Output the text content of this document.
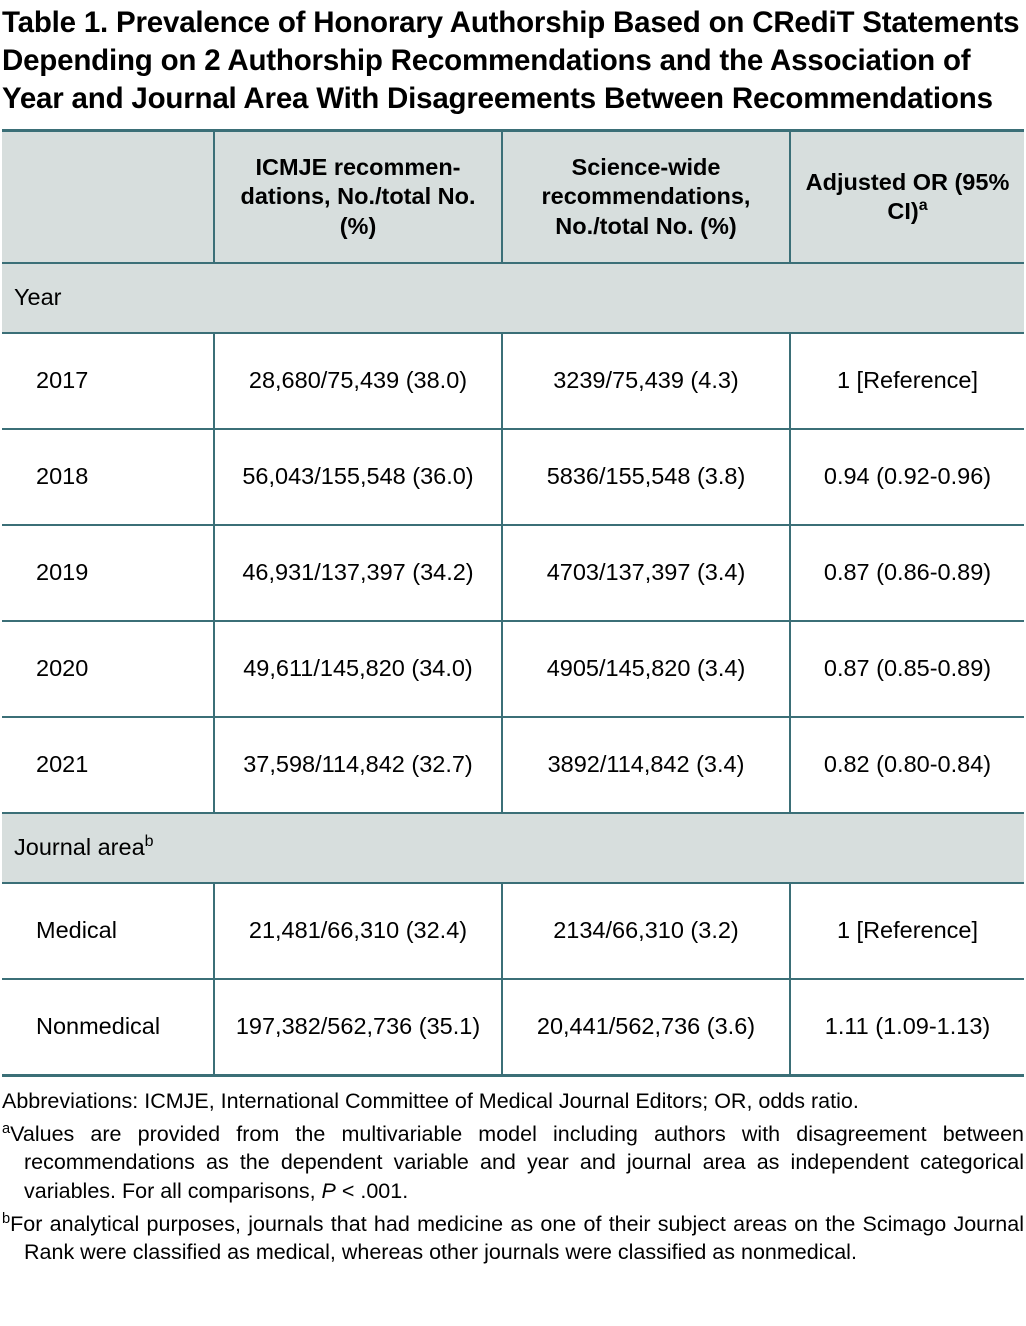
Table 1. Prevalence of Honorary Authorship Based on CRediT Statements Depending on 2 Authorship Recommendations and the Association of Year and Journal Area With Disagreements Between Recommendations
	ICMJE recommen-dations, No./total No. (%)	Science-wide recommendations, No./total No. (%)	Adjusted OR (95% CI)$^a$
Year			
2017	28,680/75,439 (38.0)	3239/75,439 (4.3)	1 [Reference]
2018	56,043/155,548 (36.0)	5836/155,548 (3.8)	0.94 (0.92-0.96)
2019	46,931/137,397 (34.2)	4703/137,397 (3.4)	0.87 (0.86-0.89)
2020	49,611/145,820 (34.0)	4905/145,820 (3.4)	0.87 (0.85-0.89)
2021	37,598/114,842 (32.7)	3892/114,842 (3.4)	0.82 (0.80-0.84)
Journal area$^b$
Medical	21,481/66,310 (32.4)	2134/66,310 (3.2)	1 [Reference]
Nonmedical	197,382/562,736 (35.1)	20,441/562,736 (3.6)	1.11 (1.09-1.13)
Abbreviations: ICMJE, International Committee of Medical Journal Editors; OR, odds ratio.
$^a$Values are provided from the multivariable model including authors with disagreement between recommendations as the dependent variable and year and journal area as independent categorical variables. For all comparisons, P < .001.
$^b$For analytical purposes, journals that had medicine as one of their subject areas on the Scimago Journal Rank were classified as medical, whereas other journals were classified as nonmedical.
